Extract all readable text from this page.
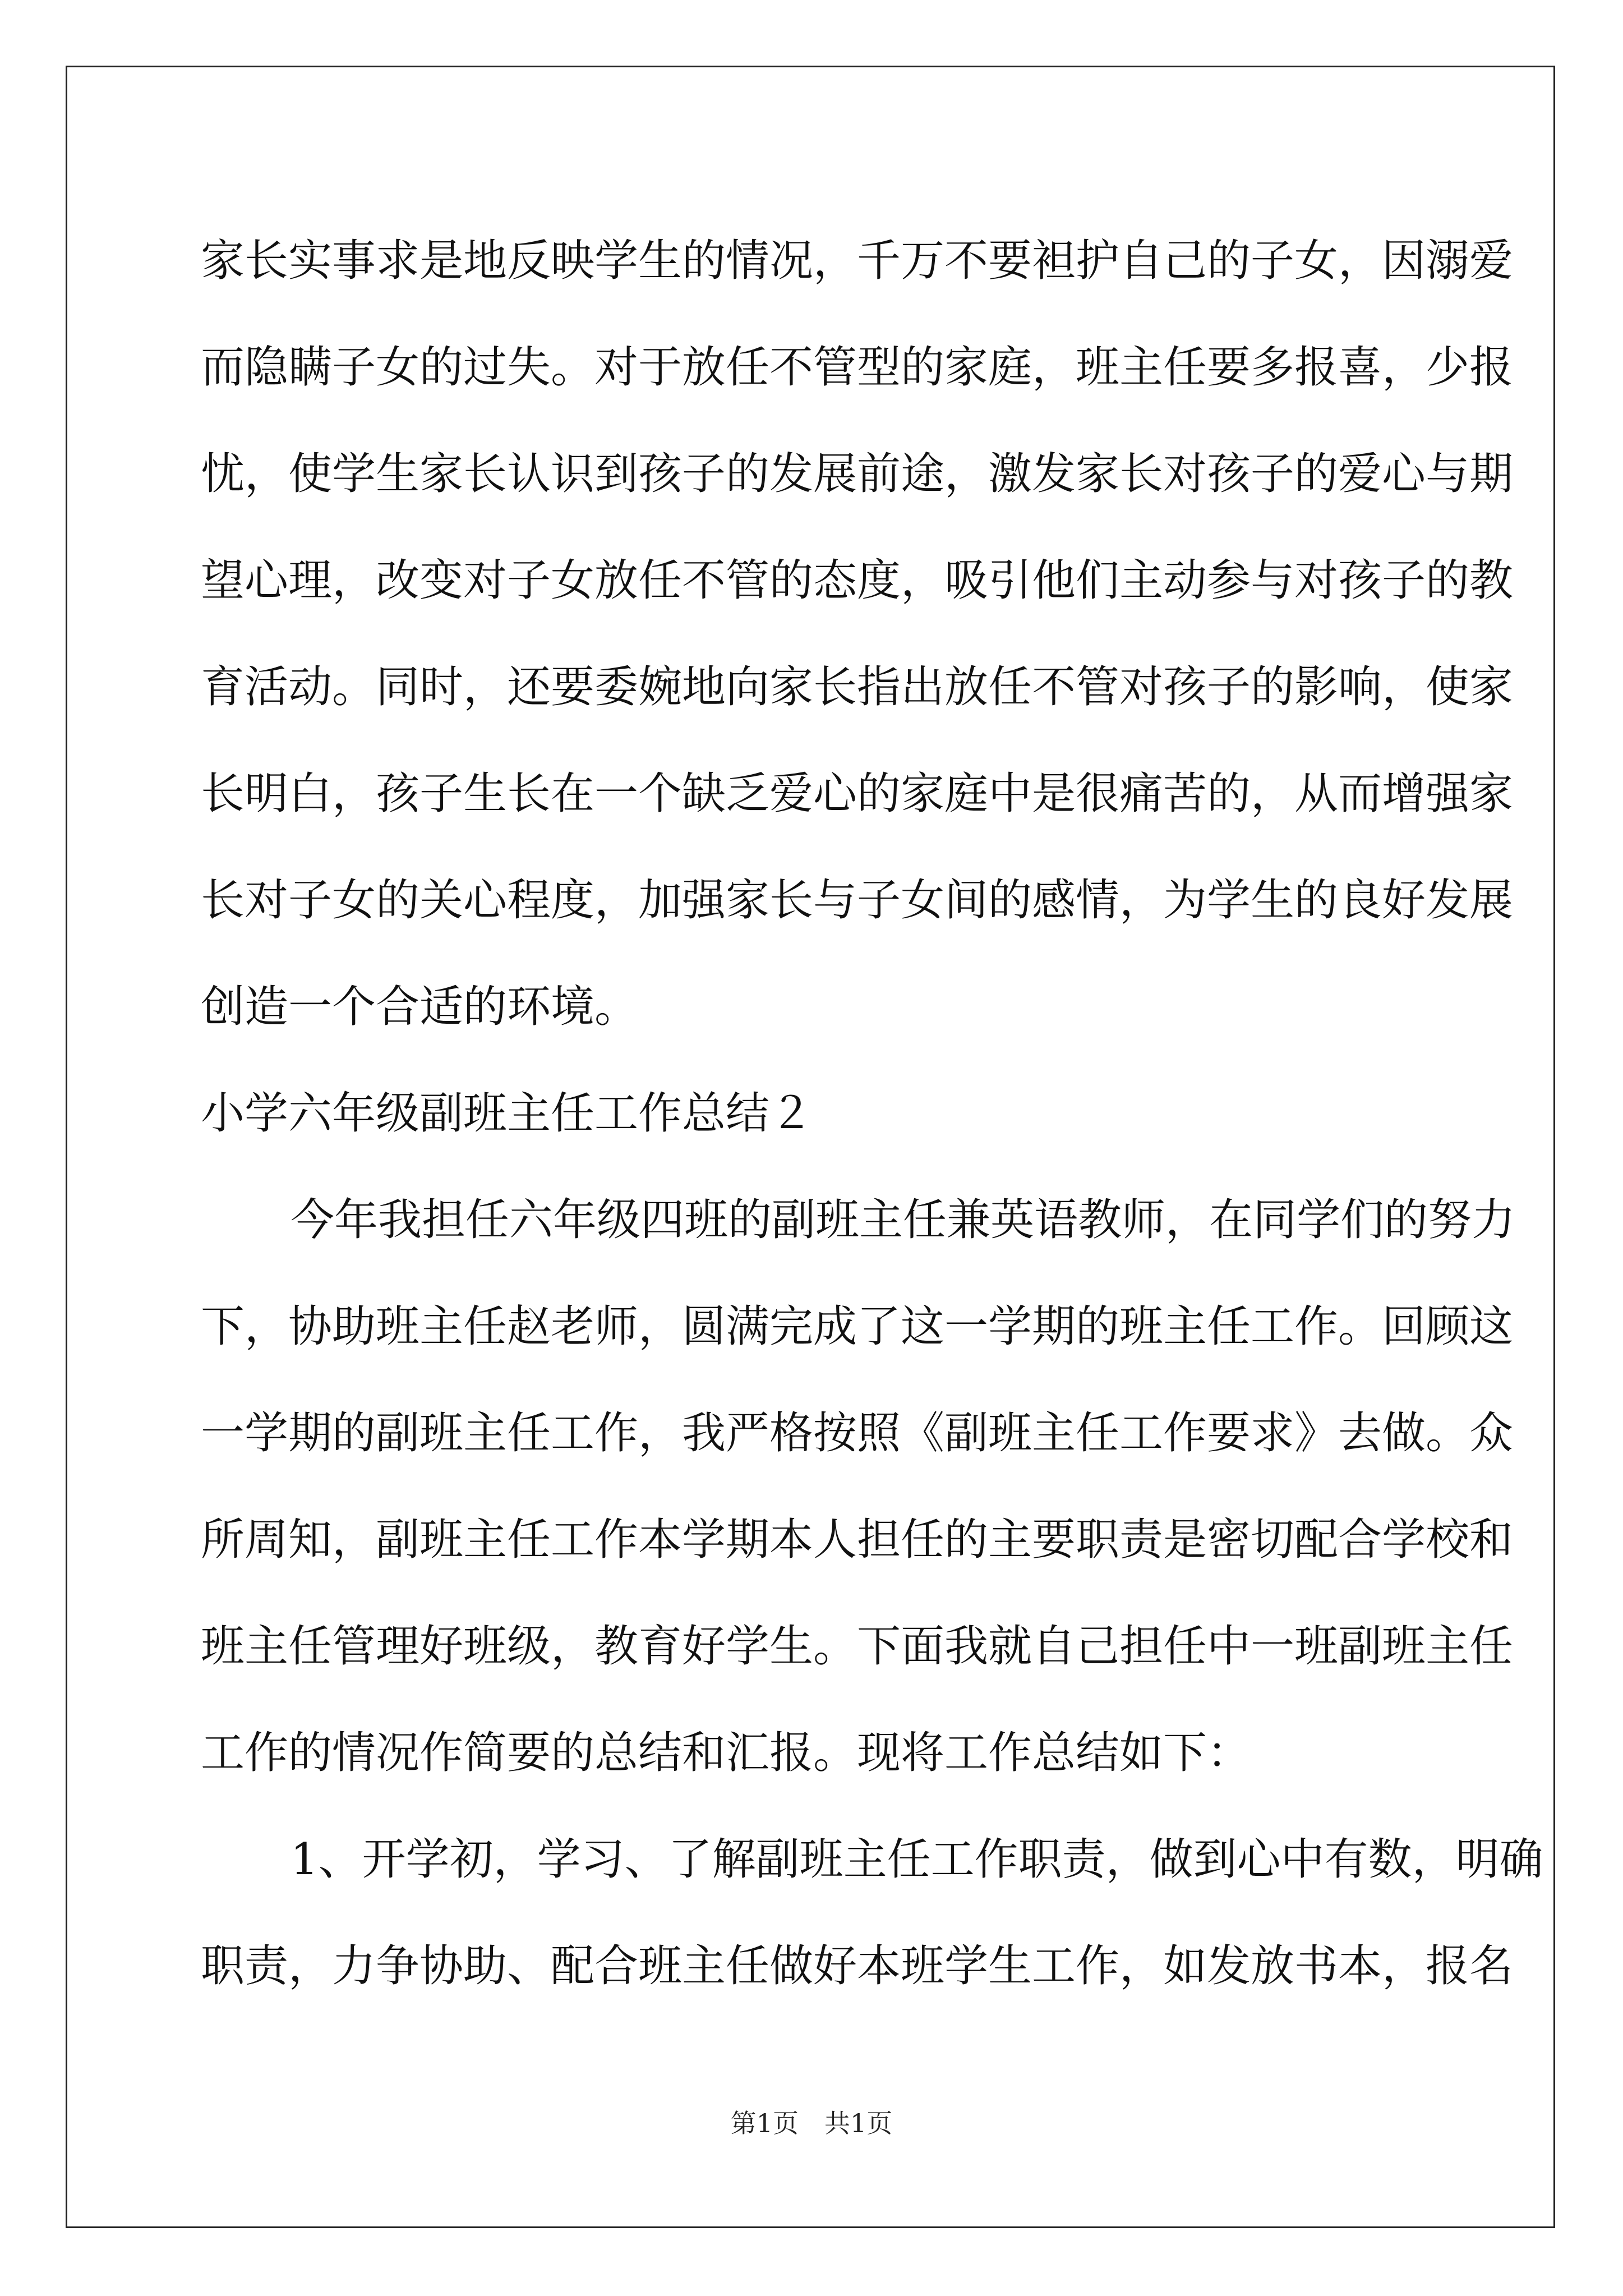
家长实事求是地反映学生的情况，千万不要袒护自己的子女，因溺爱
而隐瞒子女的过失。对于放任不管型的家庭，班主任要多报喜，少报
忧，使学生家长认识到孩子的发展前途，激发家长对孩子的爱心与期
望心理，改变对子女放任不管的态度，吸引他们主动参与对孩子的教
育活动。同时，还要委婉地向家长指出放任不管对孩子的影响，使家
长明白，孩子生长在一个缺乏爱心的家庭中是很痛苦的，从而增强家
长对子女的关心程度，加强家长与子女间的感情，为学生的良好发展
创造一个合适的环境。
小学六年级副班主任工作总结２
今年我担任六年级四班的副班主任兼英语教师，在同学们的努力
下，协助班主任赵老师，圆满完成了这一学期的班主任工作。回顾这
一学期的副班主任工作，我严格按照《副班主任工作要求》去做。众
所周知，副班主任工作本学期本人担任的主要职责是密切配合学校和
班主任管理好班级，教育好学生。下面我就自己担任中一班副班主任
工作的情况作简要的总结和汇报。现将工作总结如下：
1、开学初，学习、了解副班主任工作职责，做到心中有数，明确
职责，力争协助、配合班主任做好本班学生工作，如发放书本，报名
第1页　共1页
